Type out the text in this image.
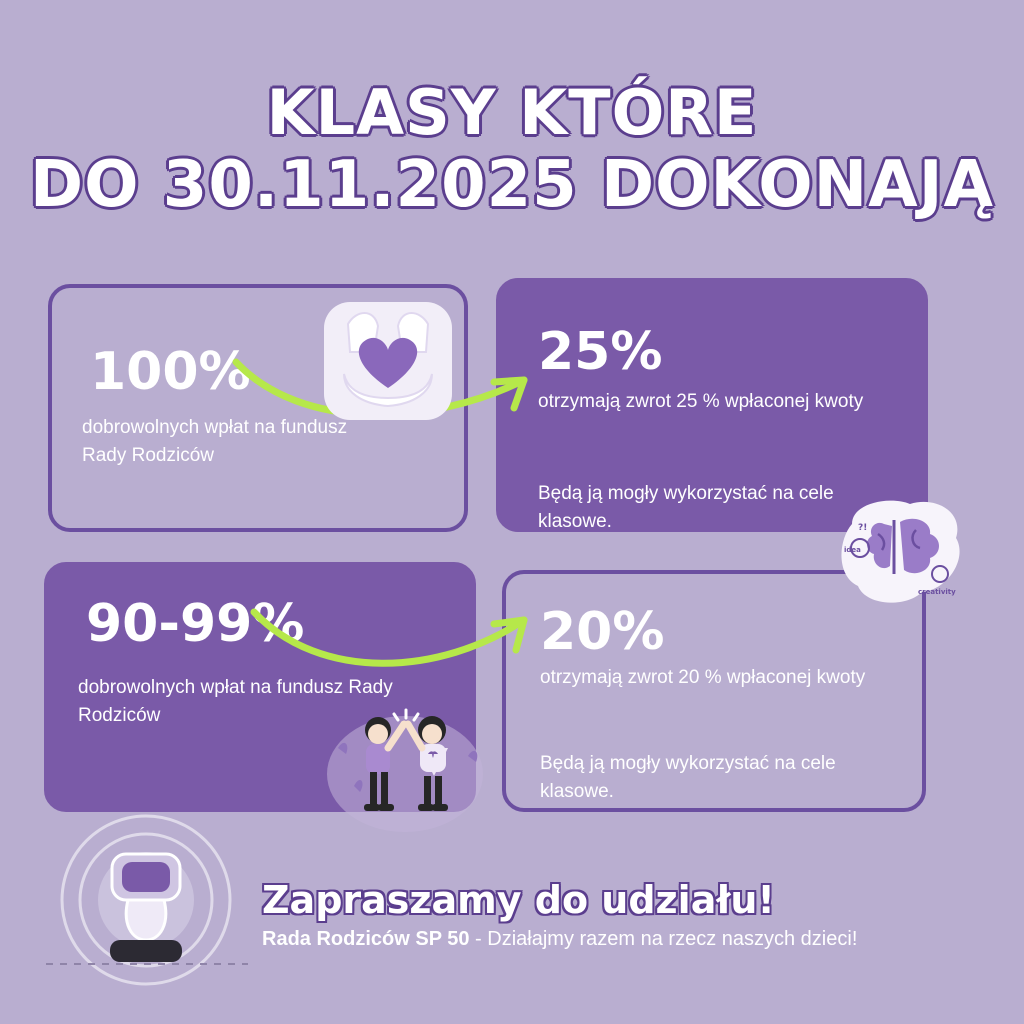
KLASY KTÓRE
DO 30.11.2025 DOKONAJĄ
100%
dobrowolnych wpłat na fundusz Rady Rodziców
25%
otrzymają zwrot 25 % wpłaconej kwoty
Będą ją mogły wykorzystać na cele klasowe.
90-99%
dobrowolnych wpłat na fundusz Rady Rodziców
20%
otrzymają zwrot 20 % wpłaconej kwoty
Będą ją mogły wykorzystać na cele klasowe.
?!
idea
creativity
Zapraszamy do udziału!
Rada Rodziców SP 50 - Działajmy razem na rzecz naszych dzieci!
